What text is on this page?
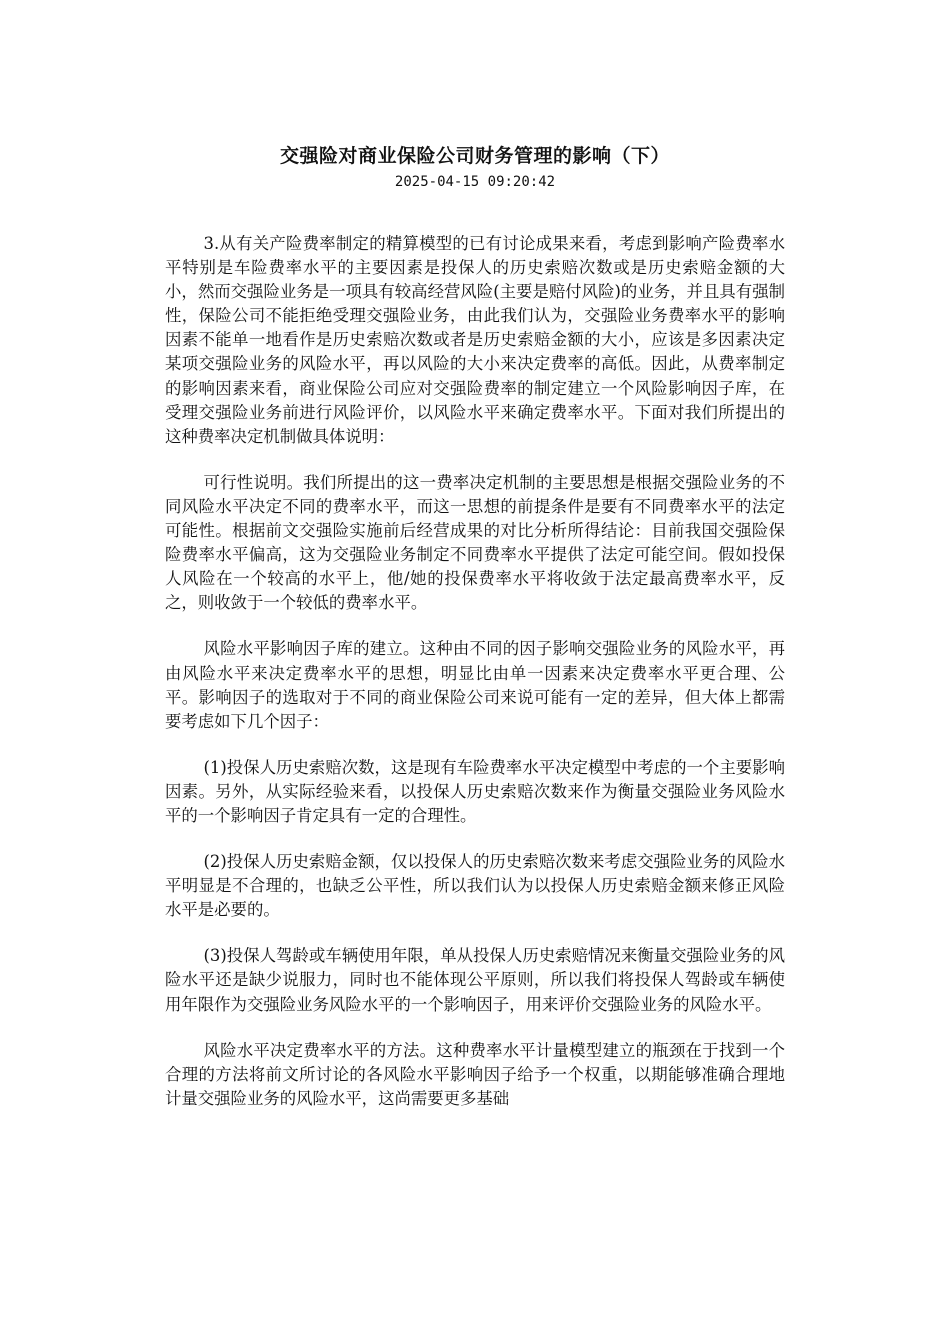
交强险对商业保险公司财务管理的影响（下）
2025-04-15 09:20:42

3.从有关产险费率制定的精算模型的已有讨论成果来看，考虑到影响产险费率水平特别是车险费率水平的主要因素是投保人的历史索赔次数或是历史索赔金额的大小，然而交强险业务是一项具有较高经营风险(主要是赔付风险)的业务，并且具有强制性，保险公司不能拒绝受理交强险业务，由此我们认为，交强险业务费率水平的影响因素不能单一地看作是历史索赔次数或者是历史索赔金额的大小，应该是多因素决定某项交强险业务的风险水平，再以风险的大小来决定费率的高低。因此，从费率制定的影响因素来看，商业保险公司应对交强险费率的制定建立一个风险影响因子库，在受理交强险业务前进行风险评价，以风险水平来确定费率水平。下面对我们所提出的这种费率决定机制做具体说明：

可行性说明。我们所提出的这一费率决定机制的主要思想是根据交强险业务的不同风险水平决定不同的费率水平，而这一思想的前提条件是要有不同费率水平的法定可能性。根据前文交强险实施前后经营成果的对比分析所得结论：目前我国交强险保险费率水平偏高，这为交强险业务制定不同费率水平提供了法定可能空间。假如投保人风险在一个较高的水平上，他/她的投保费率水平将收敛于法定最高费率水平，反之，则收敛于一个较低的费率水平。

风险水平影响因子库的建立。这种由不同的因子影响交强险业务的风险水平，再由风险水平来决定费率水平的思想，明显比由单一因素来决定费率水平更合理、公平。影响因子的选取对于不同的商业保险公司来说可能有一定的差异，但大体上都需要考虑如下几个因子：

(1)投保人历史索赔次数，这是现有车险费率水平决定模型中考虑的一个主要影响因素。另外，从实际经验来看，以投保人历史索赔次数来作为衡量交强险业务风险水平的一个影响因子肯定具有一定的合理性。

(2)投保人历史索赔金额，仅以投保人的历史索赔次数来考虑交强险业务的风险水平明显是不合理的，也缺乏公平性，所以我们认为以投保人历史索赔金额来修正风险水平是必要的。

(3)投保人驾龄或车辆使用年限，单从投保人历史索赔情况来衡量交强险业务的风险水平还是缺少说服力，同时也不能体现公平原则，所以我们将投保人驾龄或车辆使用年限作为交强险业务风险水平的一个影响因子，用来评价交强险业务的风险水平。

风险水平决定费率水平的方法。这种费率水平计量模型建立的瓶颈在于找到一个合理的方法将前文所讨论的各风险水平影响因子给予一个权重，以期能够准确合理地计量交强险业务的风险水平，这尚需要更多基础
